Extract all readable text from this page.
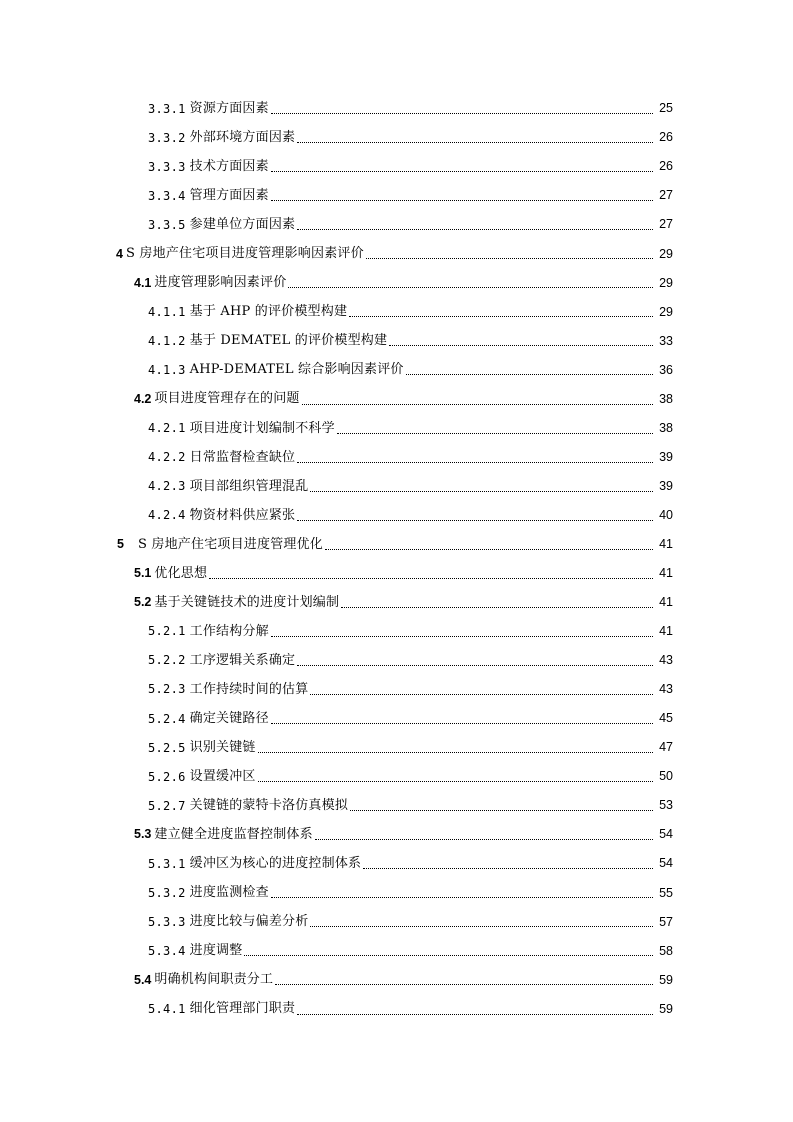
3.3.1 资源方面因素	25
3.3.2 外部环境方面因素	26
3.3.3 技术方面因素	26
3.3.4 管理方面因素	27
3.3.5 参建单位方面因素	27
4 S 房地产住宅项目进度管理影响因素评价	29
4.1 进度管理影响因素评价	29
4.1.1 基于 AHP 的评价模型构建	29
4.1.2 基于 DEMATEL 的评价模型构建	33
4.1.3 AHP-DEMATEL 综合影响因素评价	36
4.2 项目进度管理存在的问题	38
4.2.1 项目进度计划编制不科学	38
4.2.2 日常监督检查缺位	39
4.2.3 项目部组织管理混乱	39
4.2.4 物资材料供应紧张	40
5 S 房地产住宅项目进度管理优化	41
5.1 优化思想	41
5.2 基于关键链技术的进度计划编制	41
5.2.1 工作结构分解	41
5.2.2 工序逻辑关系确定	43
5.2.3 工作持续时间的估算	43
5.2.4 确定关键路径	45
5.2.5 识别关键链	47
5.2.6 设置缓冲区	50
5.2.7 关键链的蒙特卡洛仿真模拟	53
5.3 建立健全进度监督控制体系	54
5.3.1 缓冲区为核心的进度控制体系	54
5.3.2 进度监测检查	55
5.3.3 进度比较与偏差分析	57
5.3.4 进度调整	58
5.4 明确机构间职责分工	59
5.4.1 细化管理部门职责	59
